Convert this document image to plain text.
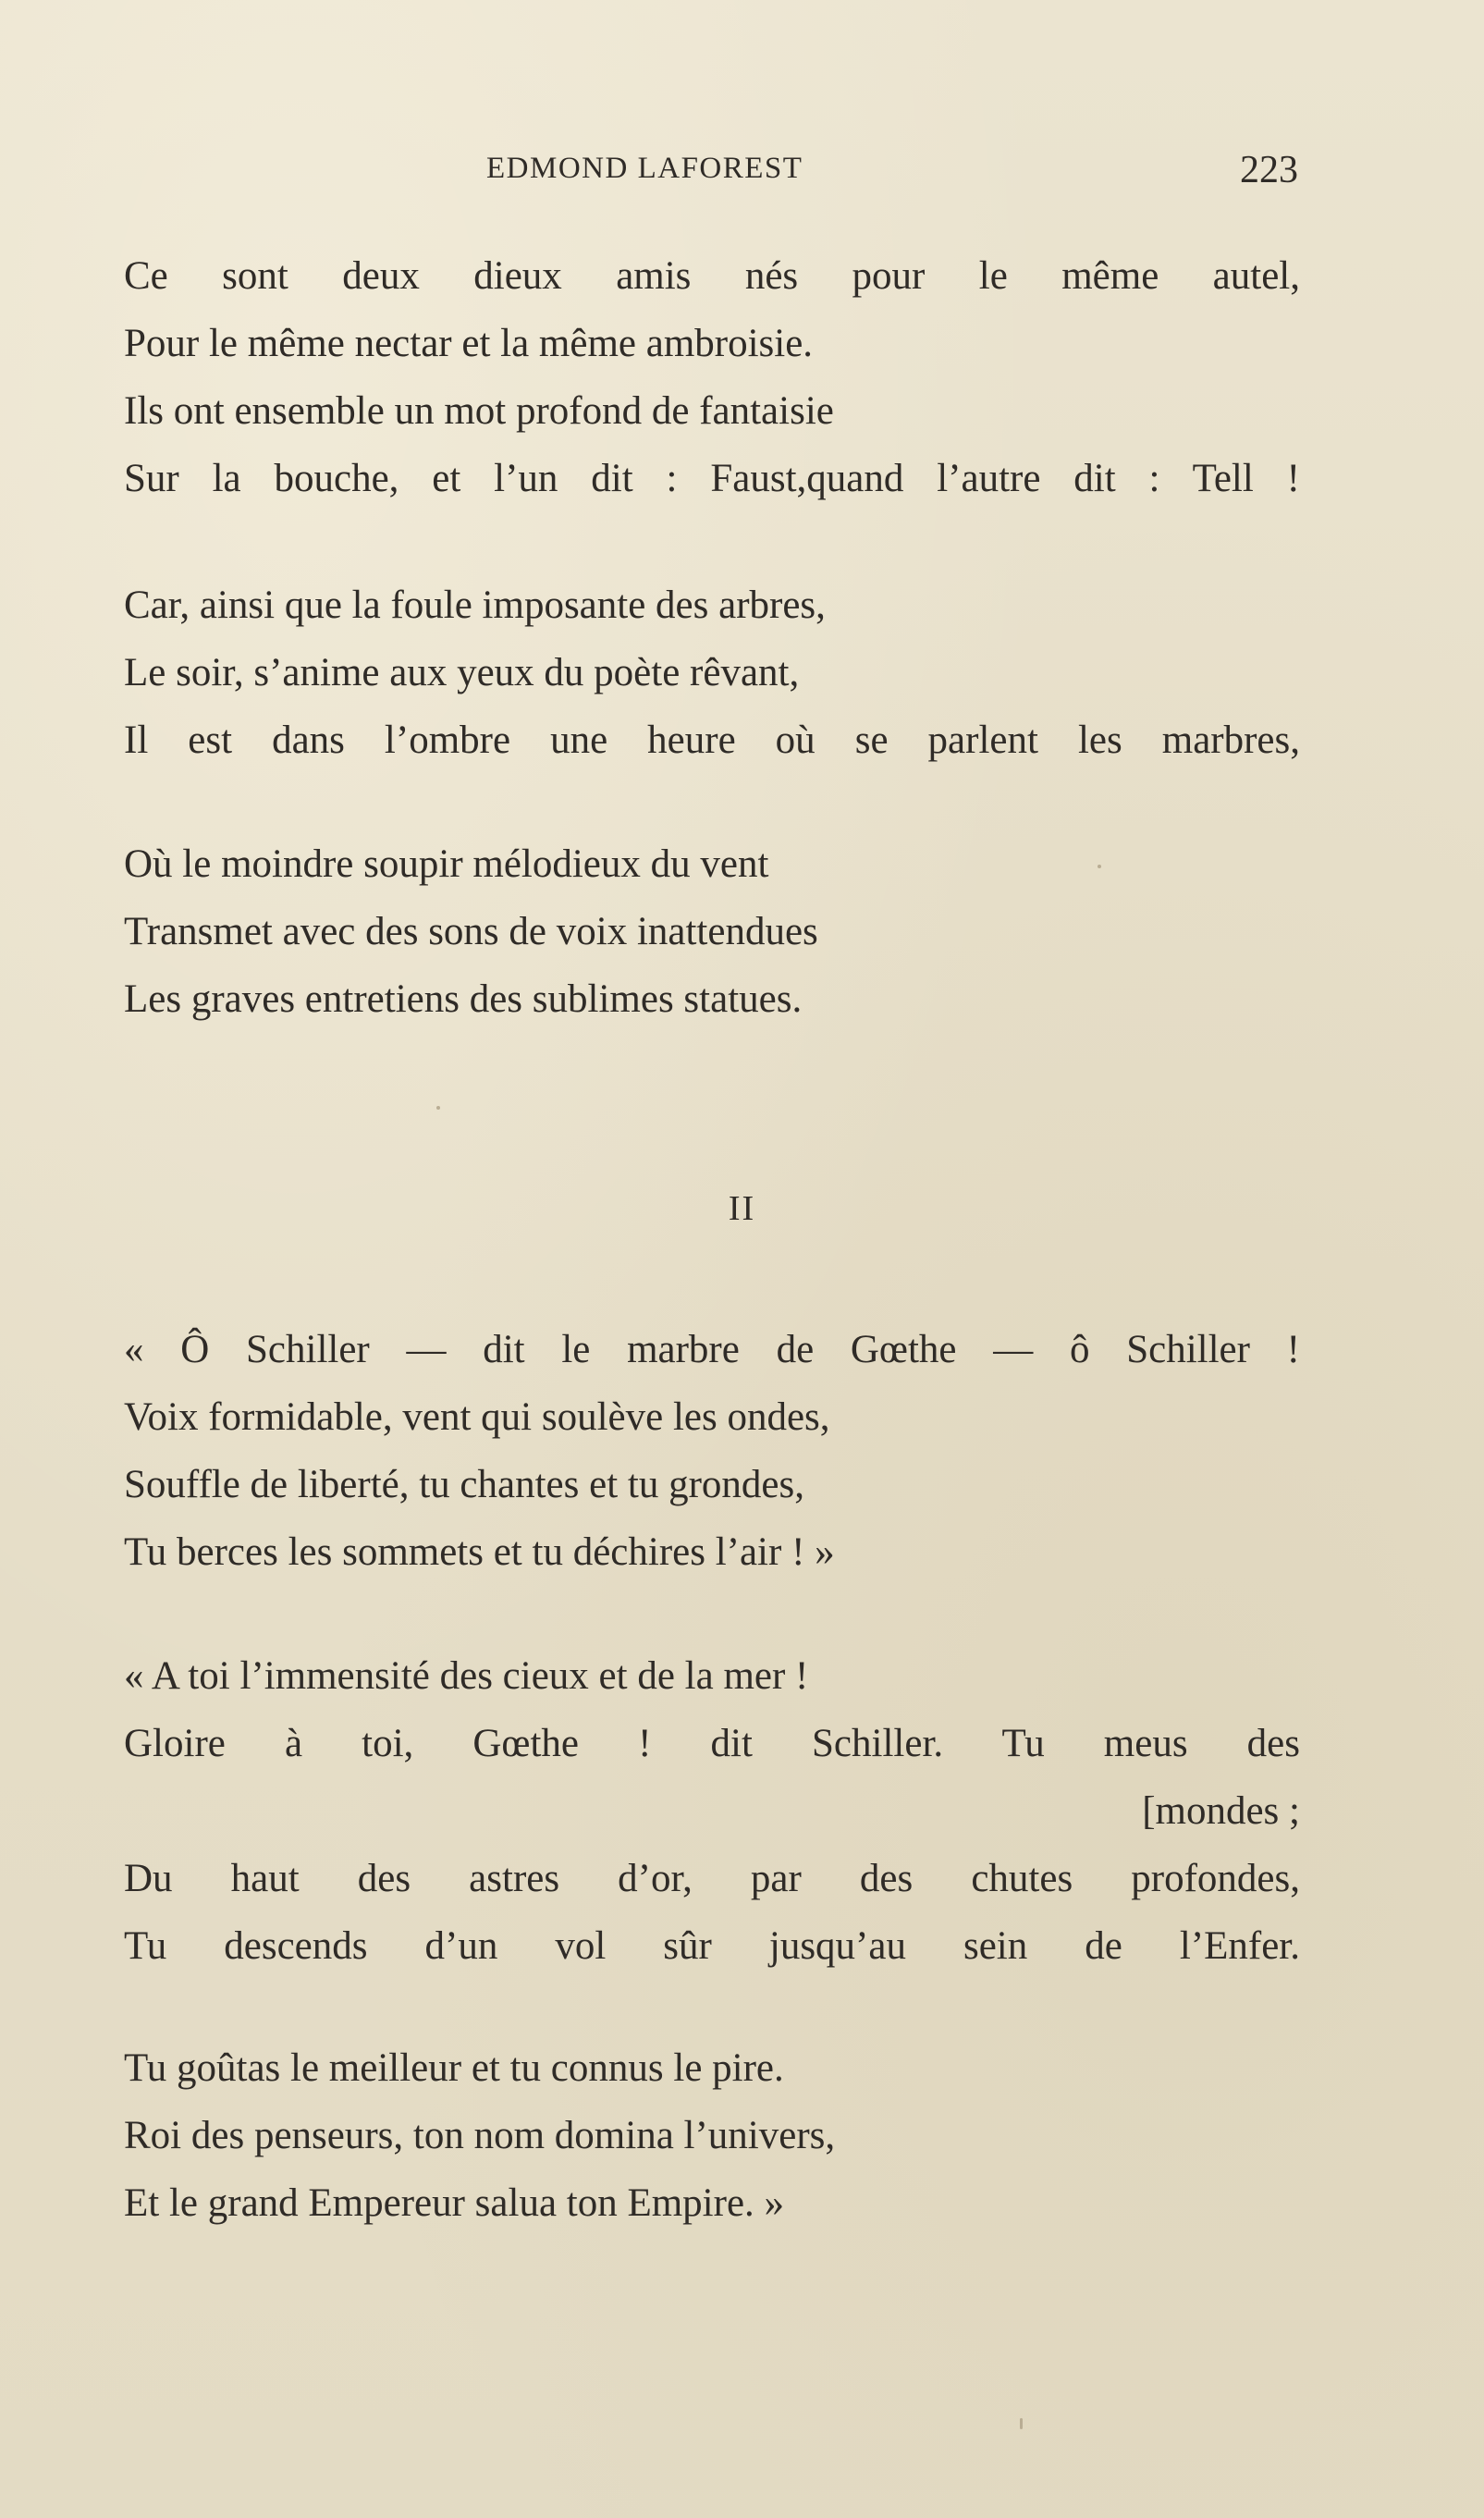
EDMOND LAFOREST	223
Ce sont deux dieux amis nés pour le même autel,
Pour le même nectar et la même ambroisie.
Ils ont ensemble un mot profond de fantaisie
Sur la bouche, et l’un dit : Faust,quand l’autre dit : Tell !
Car, ainsi que la foule imposante des arbres,
Le soir, s’anime aux yeux du poète rêvant,
Il est dans l’ombre une heure où se parlent les marbres,
Où le moindre soupir mélodieux du vent
Transmet avec des sons de voix inattendues
Les graves entretiens des sublimes statues.
II
« Ô Schiller — dit le marbre de Gœthe — ô Schiller !
Voix formidable, vent qui soulève les ondes,
Souffle de liberté, tu chantes et tu grondes,
Tu berces les sommets et tu déchires l’air ! »
« A toi l’immensité des cieux et de la mer !
Gloire à toi, Gœthe ! dit Schiller. Tu meus des
[mondes ;
Du haut des astres d’or, par des chutes profondes,
Tu descends d’un vol sûr jusqu’au sein de l’Enfer.
Tu goûtas le meilleur et tu connus le pire.
Roi des penseurs, ton nom domina l’univers,
Et le grand Empereur salua ton Empire. »
